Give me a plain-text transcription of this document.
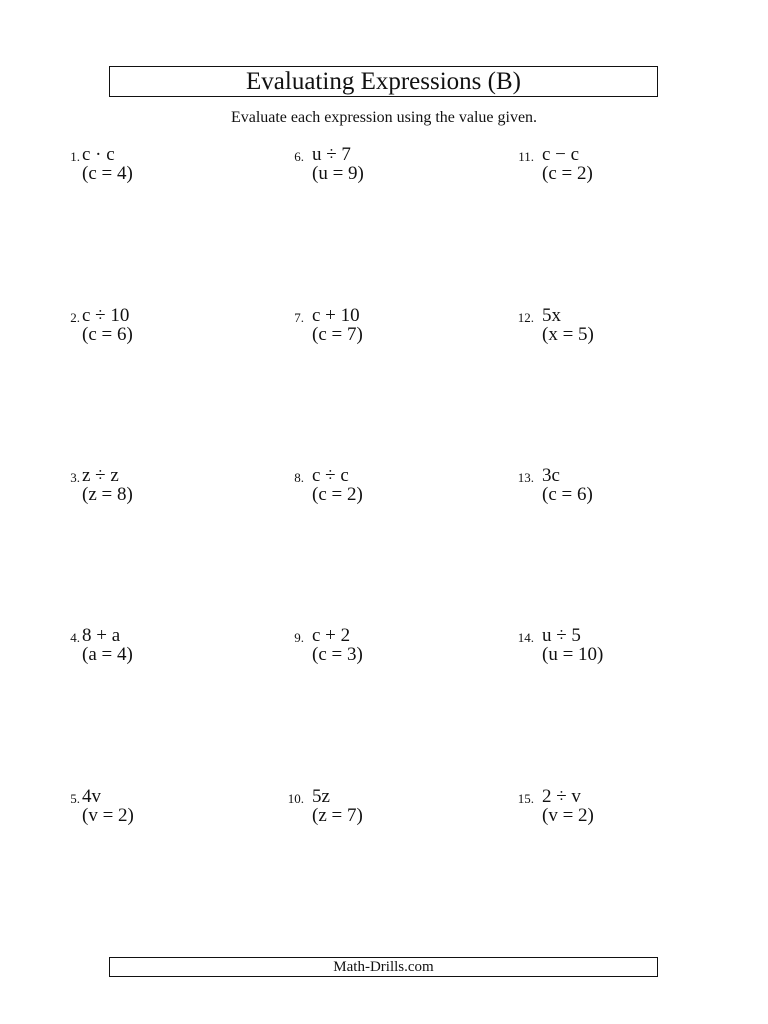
Evaluating Expressions (B)
Evaluate each expression using the value given.
1. c · c
(c = 4)
2. c ÷ 10
(c = 6)
3. z ÷ z
(z = 8)
4. 8 + a
(a = 4)
5. 4v
(v = 2)
6. u ÷ 7
(u = 9)
7. c + 10
(c = 7)
8. c ÷ c
(c = 2)
9. c + 2
(c = 3)
10. 5z
(z = 7)
11. c − c
(c = 2)
12. 5x
(x = 5)
13. 3c
(c = 6)
14. u ÷ 5
(u = 10)
15. 2 ÷ v
(v = 2)
Math-Drills.com
